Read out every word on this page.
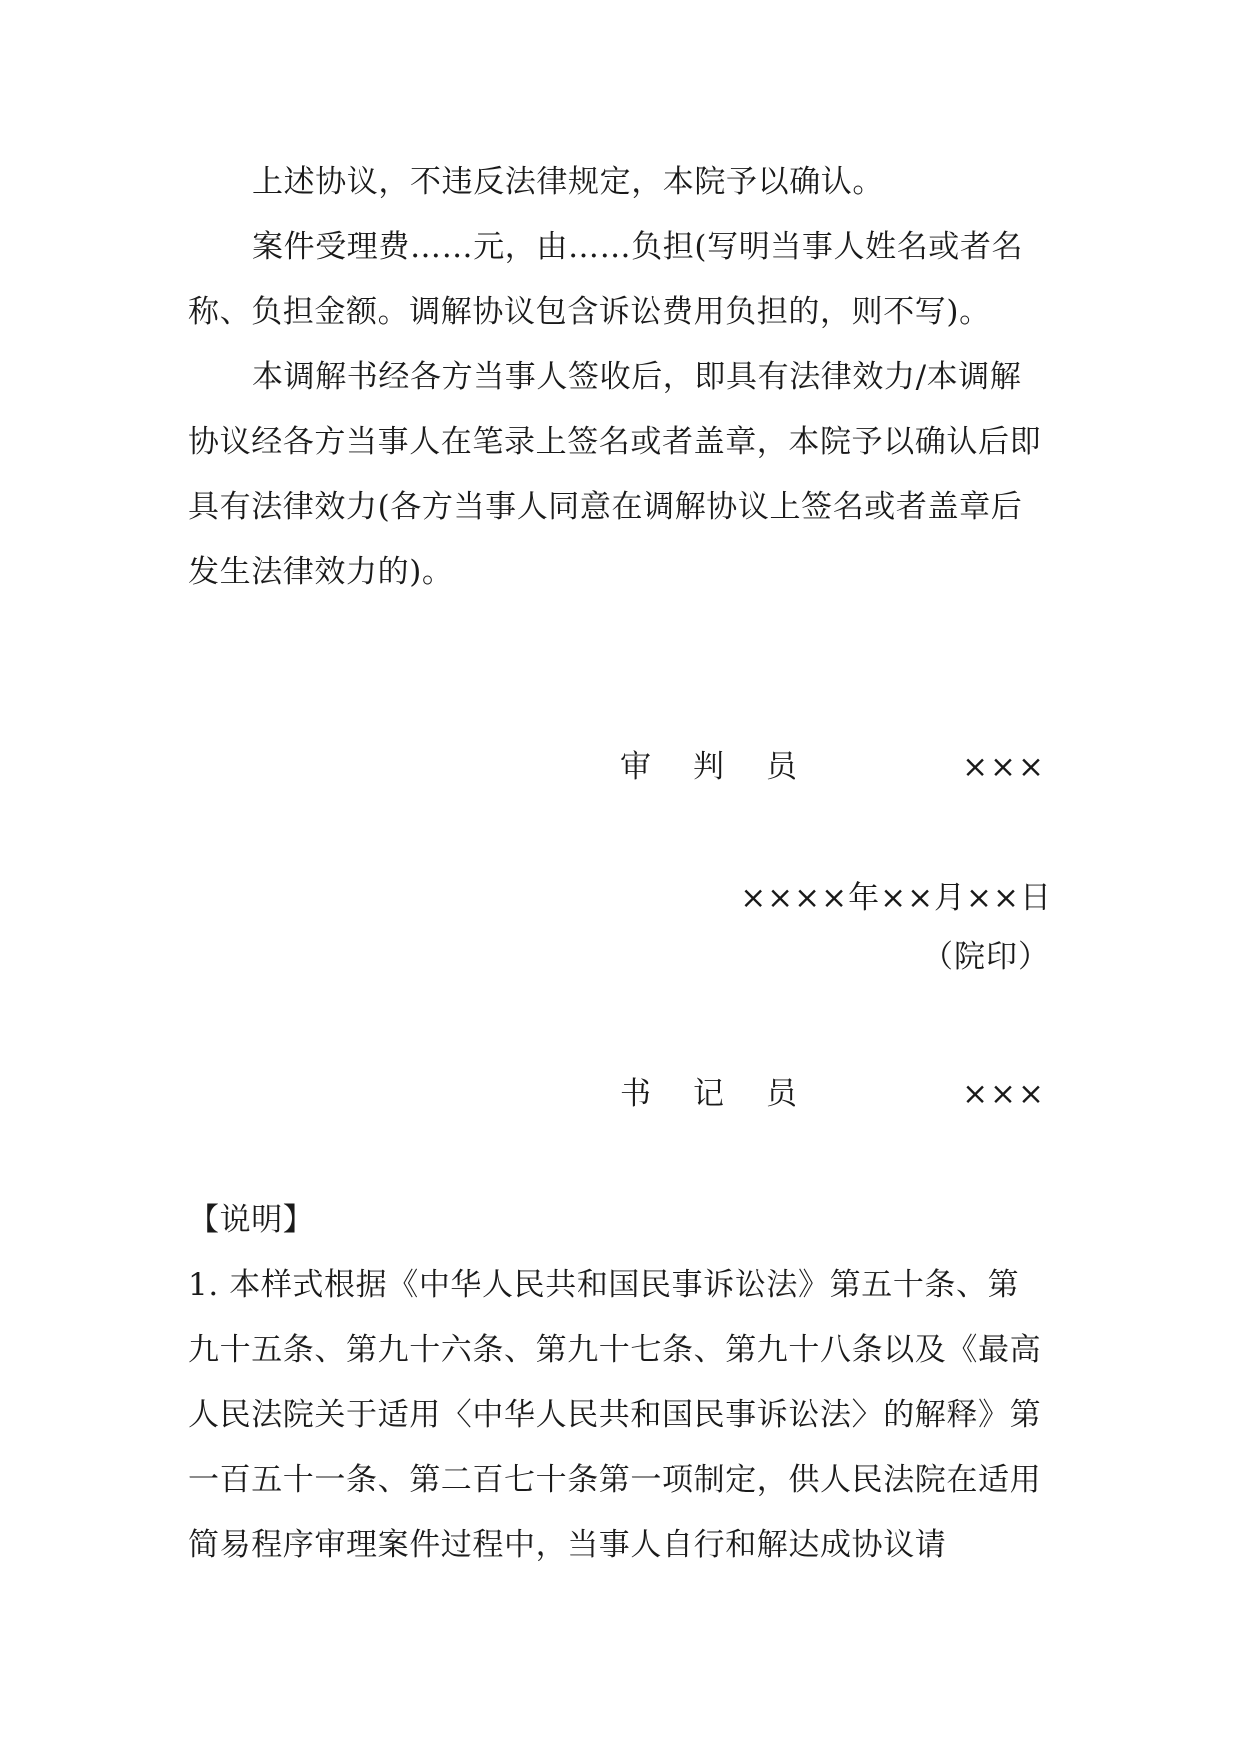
上述协议，不违反法律规定，本院予以确认。

案件受理费……元，由……负担(写明当事人姓名或者名称、负担金额。调解协议包含诉讼费用负担的，则不写)。

本调解书经各方当事人签收后，即具有法律效力/本调解协议经各方当事人在笔录上签名或者盖章，本院予以确认后即具有法律效力(各方当事人同意在调解协议上签名或者盖章后发生法律效力的)。

审判员	×××
××××年××月××日
（院印）
书记员	×××

【说明】

1. 本样式根据《中华人民共和国民事诉讼法》第五十条、第九十五条、第九十六条、第九十七条、第九十八条以及《最高人民法院关于适用〈中华人民共和国民事诉讼法〉的解释》第一百五十一条、第二百七十条第一项制定，供人民法院在适用简易程序审理案件过程中，当事人自行和解达成协议请
